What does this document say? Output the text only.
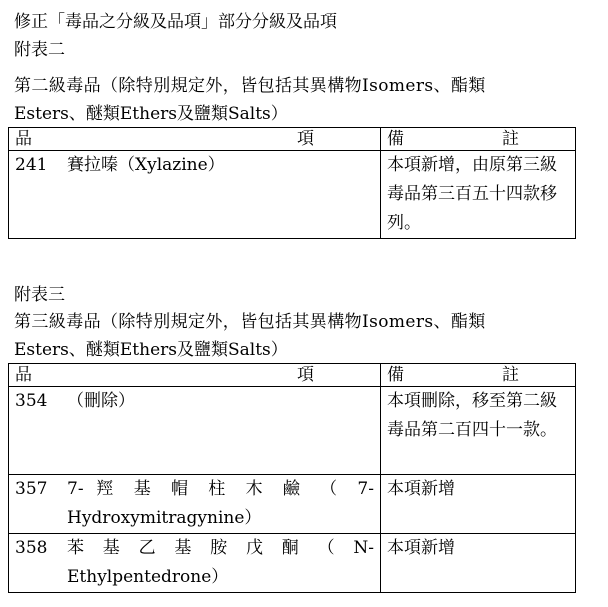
修正「毒品之分級及品項」部分分級及品項
附表二
第二級毒品（除特別規定外，皆包括其異構物Isomers、酯類
Esters、醚類Ethers及鹽類Salts）
品 項	備 註

241 賽拉嗪（Xylazine）	本項新增，由原第三級毒品第三百五十四款移列。
附表三
第三級毒品（除特別規定外，皆包括其異構物Isomers、酯類
Esters、醚類Ethers及鹽類Salts）
品 項	備 註

354 （刪除）	本項刪除，移至第二級毒品第二百四十一款。

357 7- 羥 基 帽 柱 木 鹼 （ 7-
Hydroxymitragynine）	本項新增

358 苯 基 乙 基 胺 戊 酮 （ N-
Ethylpentedrone）	本項新增
